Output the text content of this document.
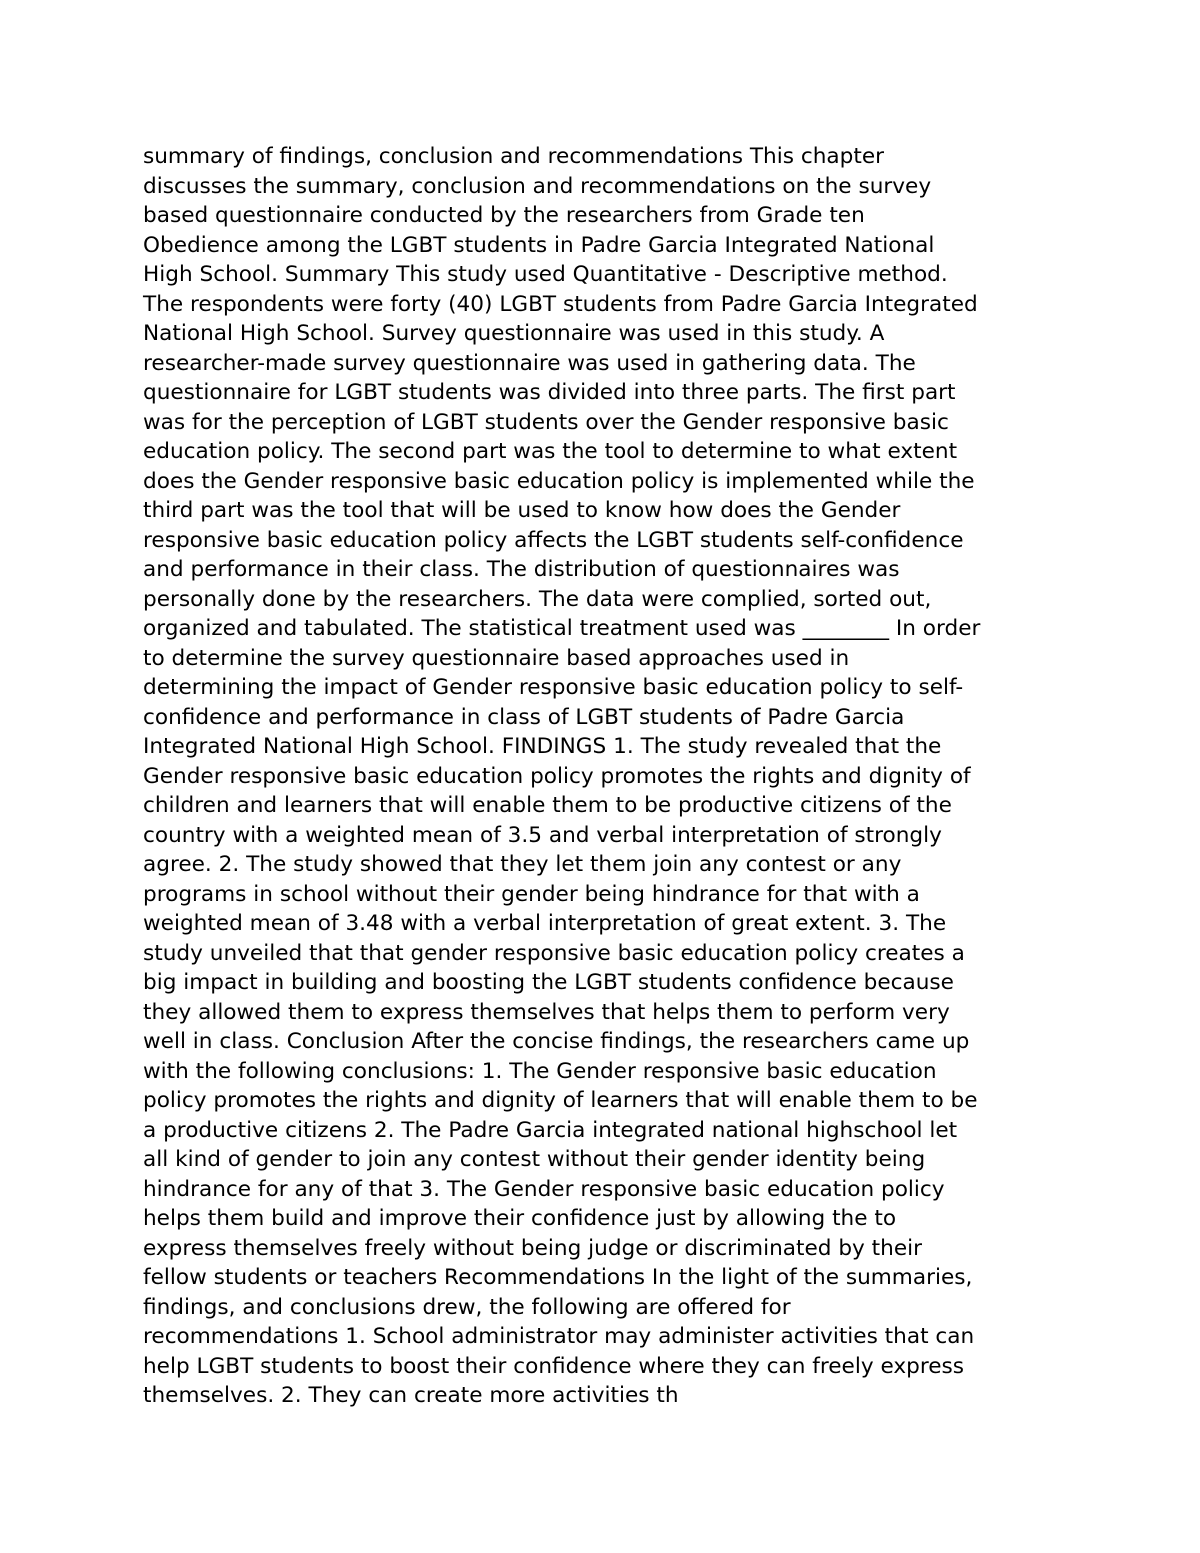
summary of findings, conclusion and recommendations This chapter
discusses the summary, conclusion and recommendations on the survey
based questionnaire conducted by the researchers from Grade ten
Obedience among the LGBT students in Padre Garcia Integrated National
High School. Summary This study used Quantitative - Descriptive method.
The respondents were forty (40) LGBT students from Padre Garcia Integrated
National High School. Survey questionnaire was used in this study. A
researcher-made survey questionnaire was used in gathering data. The
questionnaire for LGBT students was divided into three parts. The first part
was for the perception of LGBT students over the Gender responsive basic
education policy. The second part was the tool to determine to what extent
does the Gender responsive basic education policy is implemented while the
third part was the tool that will be used to know how does the Gender
responsive basic education policy affects the LGBT students self-confidence
and performance in their class. The distribution of questionnaires was
personally done by the researchers. The data were complied, sorted out,
organized and tabulated. The statistical treatment used was ________ In order
to determine the survey questionnaire based approaches used in
determining the impact of Gender responsive basic education policy to self-
confidence and performance in class of LGBT students of Padre Garcia
Integrated National High School. FINDINGS 1. The study revealed that the
Gender responsive basic education policy promotes the rights and dignity of
children and learners that will enable them to be productive citizens of the
country with a weighted mean of 3.5 and verbal interpretation of strongly
agree. 2. The study showed that they let them join any contest or any
programs in school without their gender being hindrance for that with a
weighted mean of 3.48 with a verbal interpretation of great extent. 3. The
study unveiled that that gender responsive basic education policy creates a
big impact in building and boosting the LGBT students confidence because
they allowed them to express themselves that helps them to perform very
well in class. Conclusion After the concise findings, the researchers came up
with the following conclusions: 1. The Gender responsive basic education
policy promotes the rights and dignity of learners that will enable them to be
a productive citizens 2. The Padre Garcia integrated national highschool let
all kind of gender to join any contest without their gender identity being
hindrance for any of that 3. The Gender responsive basic education policy
helps them build and improve their confidence just by allowing the to
express themselves freely without being judge or discriminated by their
fellow students or teachers Recommendations In the light of the summaries,
findings, and conclusions drew, the following are offered for
recommendations 1. School administrator may administer activities that can
help LGBT students to boost their confidence where they can freely express
themselves. 2. They can create more activities th
